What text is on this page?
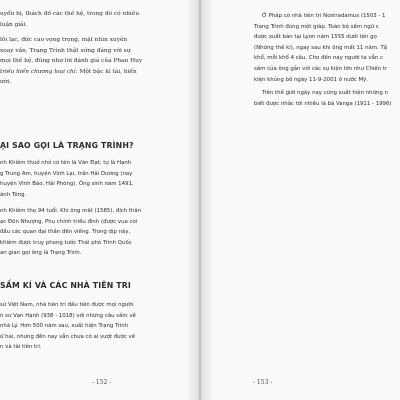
uyển bị, thách đố các thế hệ, trong đó có nhiều

luận giải.

lỗi lạc, đức cao vọng trọng, mặt nhìn xuyên

xoay vần, Trạng Trình thật xứng đáng với sự

mọi thế hệ, đúng như lời đánh giá của Phan Huy

triều hiến chương loại chí: Một bậc kì tài, hiển

ười.

ẠI SAO GỌI LÀ TRẠNG TRÌNH?

nh Khiêm thuở nhỏ có tên là Văn Đạt, tự là Hạnh

g Trung Am, huyện Vĩnh Lại, trấn Hải Dương (nay

huyện Vĩnh Bảo, Hải Phòng). Ông sinh năm 1491,

ánh Tông.

nh Khiêm thọ 94 tuổi. Khi ông mất (1585), đích thân

ạc Đôn Nhượng, Phụ chính triều đình (được vua coi

đầu các quan đại thần đến viếng. Trong dịp này,

khiêm được truy phong tước Thái phó Trình Quốc

an gian gọi ông là Trạng Trình.

SẤM KÍ VÀ CÁC NHÀ TIÊN TRI

sử Việt Nam, nhà tiên tri đầu tiên được mọi người

n sư Vạn Hạnh (938 - 1018) với những câu sấm về

nhà Lý. Hơn 500 năm sau, xuất hiện Trạng Trình

ữ hai, nhưng đến nay vẫn chưa có ai vượt được về

n và tài tiên tri.

- 152 -

Ở Pháp có nhà tiên tri Nostradamus (1503 - 1

Trạng Trình đúng một giáp. Toàn bộ sấm ngữ c

được xuất bản tại Lyon năm 1555 dưới tên gọ

(Những thế kỉ), ngay sau khi ông mất 11 năm. Tậ

khổ, mỗi khổ 4 câu. Cho đến nay người ta vẫn c

sấm của ông gắn với các sự kiện lớn như Chiến tr

kiện khủng bố ngày 11-9-2001 ở nước Mỹ.

Trên thế giới ngày nay cũng xuất hiện những n

biết được nhắc tới nhiều là bà Vanga (1911 - 1996)

- 153 -
